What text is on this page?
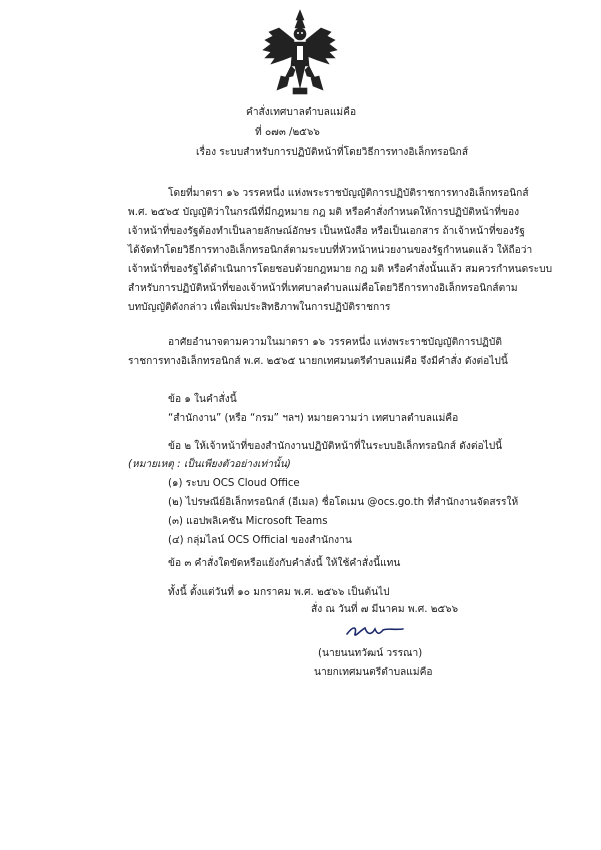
คำสั่งเทศบาลตำบลแม่คือ
ที่ ๐๗๓ /๒๕๖๖
เรื่อง ระบบสำหรับการปฏิบัติหน้าที่โดยวิธีการทางอิเล็กทรอนิกส์
โดยที่มาตรา ๑๖ วรรคหนึ่ง แห่งพระราชบัญญัติการปฏิบัติราชการทางอิเล็กทรอนิกส์
พ.ศ. ๒๕๖๕ บัญญัติว่าในกรณีที่มีกฎหมาย กฎ มติ หรือคำสั่งกำหนดให้การปฏิบัติหน้าที่ของ
เจ้าหน้าที่ของรัฐต้องทำเป็นลายลักษณ์อักษร เป็นหนังสือ หรือเป็นเอกสาร ถ้าเจ้าหน้าที่ของรัฐ
ได้จัดทำโดยวิธีการทางอิเล็กทรอนิกส์ตามระบบที่หัวหน้าหน่วยงานของรัฐกำหนดแล้ว ให้ถือว่า
เจ้าหน้าที่ของรัฐได้ดำเนินการโดยชอบด้วยกฎหมาย กฎ มติ หรือคำสั่งนั้นแล้ว สมควรกำหนดระบบ
สำหรับการปฏิบัติหน้าที่ของเจ้าหน้าที่เทศบาลตำบลแม่คือโดยวิธีการทางอิเล็กทรอนิกส์ตาม
บทบัญญัติดังกล่าว เพื่อเพิ่มประสิทธิภาพในการปฏิบัติราชการ
อาศัยอำนาจตามความในมาตรา ๑๖ วรรคหนึ่ง แห่งพระราชบัญญัติการปฏิบัติ
ราชการทางอิเล็กทรอนิกส์ พ.ศ. ๒๕๖๕ นายกเทศมนตรีตำบลแม่คือ จึงมีคำสั่ง ดังต่อไปนี้
ข้อ ๑ ในคำสั่งนี้
“สำนักงาน” (หรือ “กรม” ฯลฯ) หมายความว่า เทศบาลตำบลแม่คือ
ข้อ ๒ ให้เจ้าหน้าที่ของสำนักงานปฏิบัติหน้าที่ในระบบอิเล็กทรอนิกส์ ดังต่อไปนี้
(หมายเหตุ : เป็นเพียงตัวอย่างเท่านั้น)
(๑) ระบบ OCS Cloud Office
(๒) ไปรษณีย์อิเล็กทรอนิกส์ (อีเมล) ชื่อโดเมน @ocs.go.th ที่สำนักงานจัดสรรให้
(๓) แอปพลิเคชัน Microsoft Teams
(๔) กลุ่มไลน์ OCS Official ของสำนักงาน
ข้อ ๓ คำสั่งใดขัดหรือแย้งกับคำสั่งนี้ ให้ใช้คำสั่งนี้แทน
ทั้งนี้ ตั้งแต่วันที่ ๑๐ มกราคม พ.ศ. ๒๕๖๖ เป็นต้นไป
สั่ง ณ วันที่ ๗ มีนาคม พ.ศ. ๒๕๖๖
(นายนนทวัฒน์ วรรณา)
นายกเทศมนตรีตำบลแม่คือ
